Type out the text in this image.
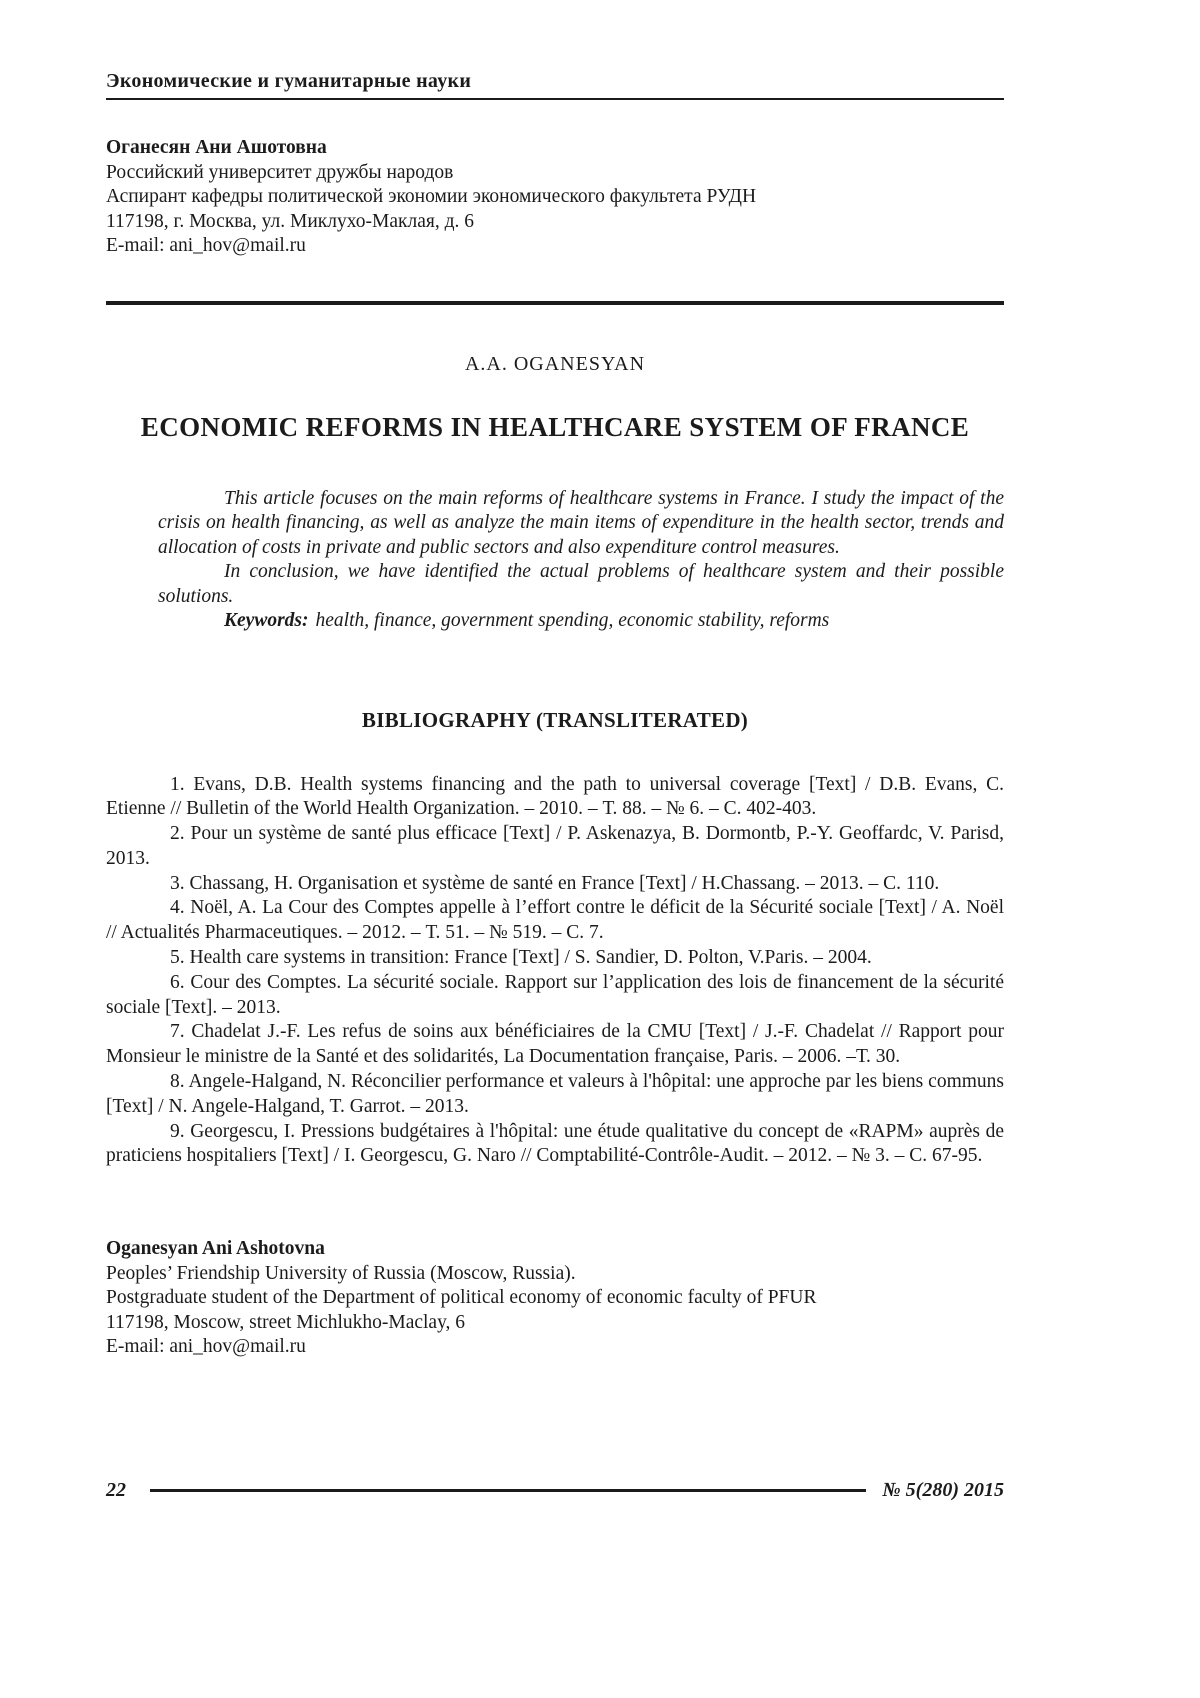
Экономические и гуманитарные науки

Оганесян Ани Ашотовна

Российский университет дружбы народов

Аспирант кафедры политической экономии экономического факультета РУДН

117198, г. Москва, ул. Миклухо-Маклая, д. 6

E-mail: ani_hov@mail.ru

A.A. OGANESYAN

ECONOMIC REFORMS IN HEALTHCARE SYSTEM OF FRANCE

This article focuses on the main reforms of healthcare systems in France. I study the impact of the crisis on health financing, as well as analyze the main items of expenditure in the health sector, trends and allocation of costs in private and public sectors and also expenditure control measures.

In conclusion, we have identified the actual problems of healthcare system and their possible solutions.

Keywords: health, finance, government spending, economic stability, reforms

BIBLIOGRAPHY (TRANSLITERATED)

1. Evans, D.B. Health systems financing and the path to universal coverage [Text] / D.B. Evans, C. Etienne // Bulletin of the World Health Organization. – 2010. – Т. 88. – № 6. – С. 402-403.

2. Pour un système de santé plus efficace [Text] / P. Askenazya, B. Dormontb, P.-Y. Geoffardc, V. Parisd, 2013.

3. Chassang, H. Organisation et système de santé en France [Text] / H.Chassang. – 2013. – С. 110.

4. Noël, A. La Cour des Comptes appelle à l’effort contre le déficit de la Sécurité sociale [Text] / A. Noël // Actualités Pharmaceutiques. – 2012. – Т. 51. – № 519. – С. 7.

5. Health care systems in transition: France [Text] / S. Sandier, D. Polton, V.Paris. – 2004.

6. Cour des Comptes. La sécurité sociale. Rapport sur l’application des lois de financement de la sécurité sociale [Text]. – 2013.

7. Chadelat J.-F. Les refus de soins aux bénéficiaires de la CMU [Text] / J.-F. Chadelat // Rapport pour Monsieur le ministre de la Santé et des solidarités, La Documentation française, Paris. – 2006. –Т. 30.

8. Angele-Halgand, N. Réconcilier performance et valeurs à l'hôpital: une approche par les biens communs [Text] / N. Angele-Halgand, T. Garrot. – 2013.

9. Georgescu, I. Pressions budgétaires à l'hôpital: une étude qualitative du concept de «RAPM» auprès de praticiens hospitaliers [Text] / I. Georgescu, G. Naro // Comptabilité-Contrôle-Audit. – 2012. – № 3. – С. 67-95.

Oganesyan Ani Ashotovna

Peoples’ Friendship University of Russia (Moscow, Russia).

Postgraduate student of the Department of political economy of economic faculty of PFUR

117198, Moscow, street Michlukho-Maclay, 6

E-mail: ani_hov@mail.ru

22	№ 5(280) 2015
